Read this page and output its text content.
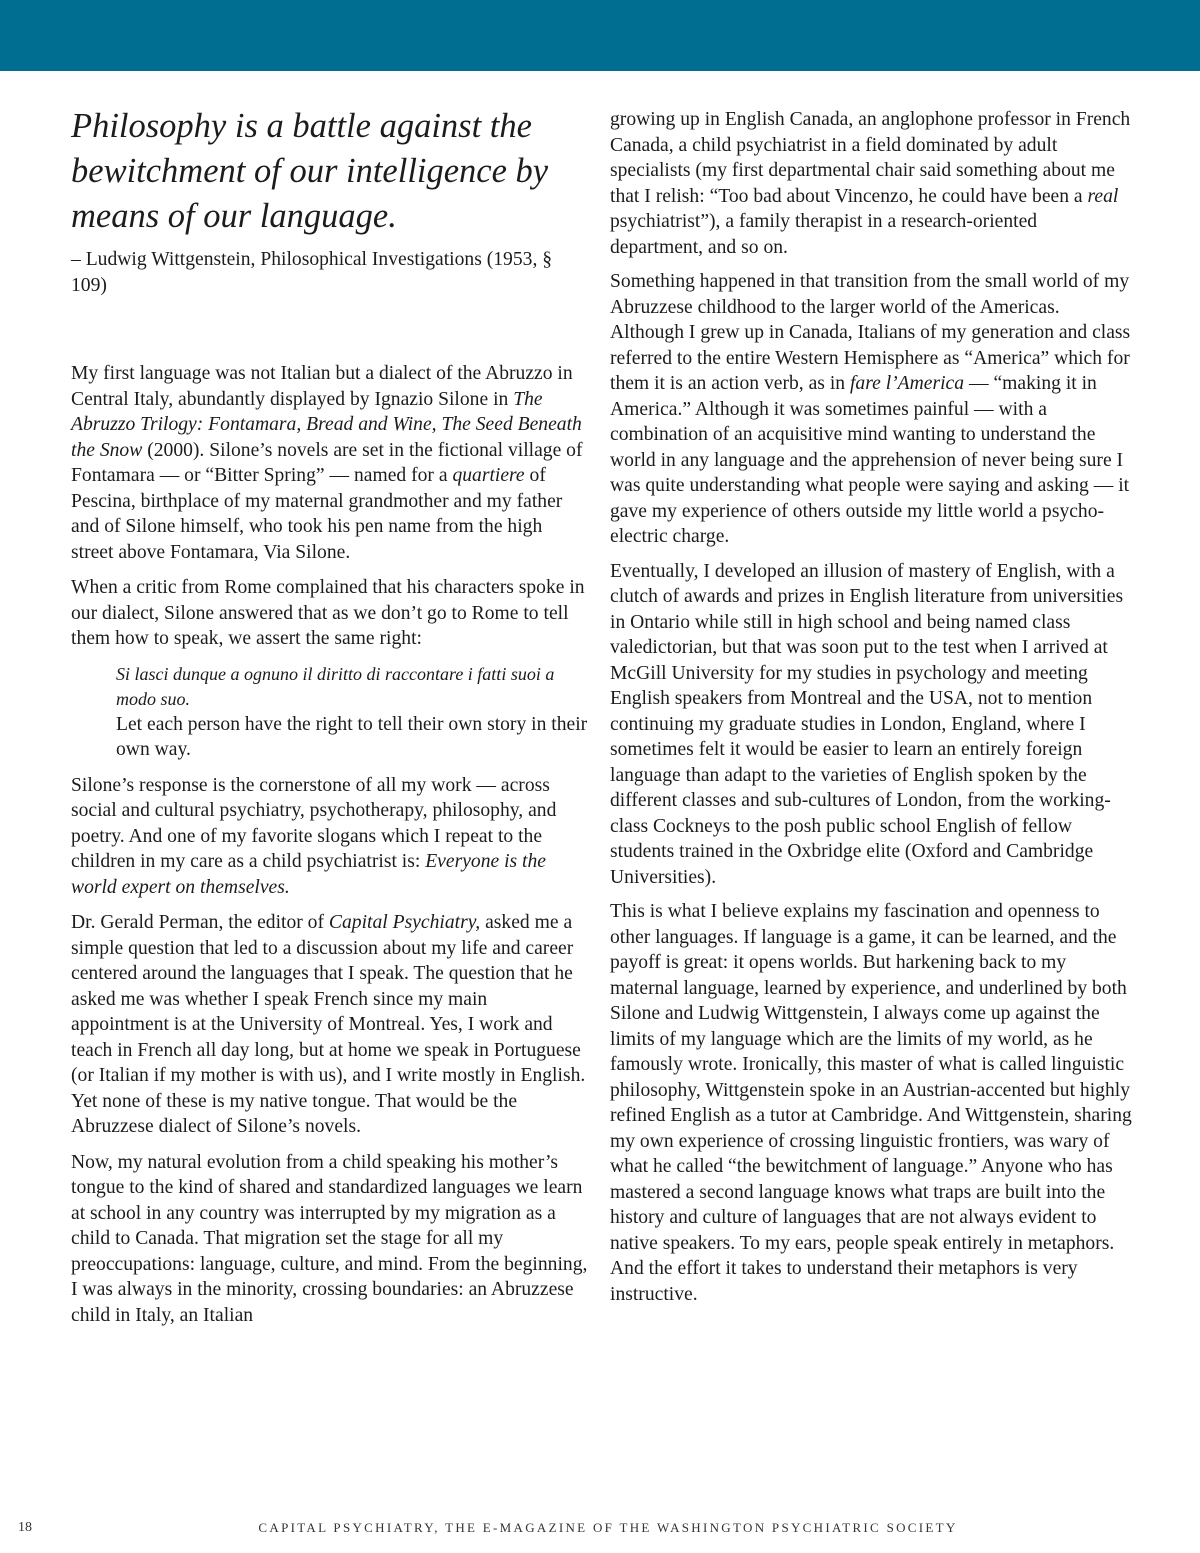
Philosophy is a battle against the bewitchment of our intelligence by means of our language.

– Ludwig Wittgenstein, Philosophical Investigations (1953, § 109)

My first language was not Italian but a dialect of the Abruzzo in Central Italy, abundantly displayed by Ignazio Silone in The Abruzzo Trilogy: Fontamara, Bread and Wine, The Seed Beneath the Snow (2000). Silone’s novels are set in the fictional village of Fontamara — or “Bitter Spring” — named for a quartiere of Pescina, birthplace of my maternal grandmother and my father and of Silone himself, who took his pen name from the high street above Fontamara, Via Silone.

When a critic from Rome complained that his characters spoke in our dialect, Silone answered that as we don’t go to Rome to tell them how to speak, we assert the same right:

Si lasci dunque a ognuno il diritto di raccontare i fatti suoi a modo suo.

Let each person have the right to tell their own story in their own way.

Silone’s response is the cornerstone of all my work — across social and cultural psychiatry, psychotherapy, philosophy, and poetry. And one of my favorite slogans which I repeat to the children in my care as a child psychiatrist is: Everyone is the world expert on themselves.

Dr. Gerald Perman, the editor of Capital Psychiatry, asked me a simple question that led to a discussion about my life and career centered around the languages that I speak. The question that he asked me was whether I speak French since my main appointment is at the University of Montreal. Yes, I work and teach in French all day long, but at home we speak in Portuguese (or Italian if my mother is with us), and I write mostly in English. Yet none of these is my native tongue. That would be the Abruzzese dialect of Silone’s novels.

Now, my natural evolution from a child speaking his mother’s tongue to the kind of shared and standardized languages we learn at school in any country was interrupted by my migration as a child to Canada. That migration set the stage for all my preoccupations: language, culture, and mind. From the beginning, I was always in the minority, crossing boundaries: an Abruzzese child in Italy, an Italian

growing up in English Canada, an anglophone professor in French Canada, a child psychiatrist in a field dominated by adult specialists (my first departmental chair said something about me that I relish: “Too bad about Vincenzo, he could have been a real psychiatrist”), a family therapist in a research-oriented department, and so on.

Something happened in that transition from the small world of my Abruzzese childhood to the larger world of the Americas. Although I grew up in Canada, Italians of my generation and class referred to the entire Western Hemisphere as “America” which for them it is an action verb, as in fare l’America — “making it in America.” Although it was sometimes painful — with a combination of an acquisitive mind wanting to understand the world in any language and the apprehension of never being sure I was quite understanding what people were saying and asking — it gave my experience of others outside my little world a psycho-electric charge.

Eventually, I developed an illusion of mastery of English, with a clutch of awards and prizes in English literature from universities in Ontario while still in high school and being named class valedictorian, but that was soon put to the test when I arrived at McGill University for my studies in psychology and meeting English speakers from Montreal and the USA, not to mention continuing my graduate studies in London, England, where I sometimes felt it would be easier to learn an entirely foreign language than adapt to the varieties of English spoken by the different classes and sub-cultures of London, from the working-class Cockneys to the posh public school English of fellow students trained in the Oxbridge elite (Oxford and Cambridge Universities).

This is what I believe explains my fascination and openness to other languages. If language is a game, it can be learned, and the payoff is great: it opens worlds. But harkening back to my maternal language, learned by experience, and underlined by both Silone and Ludwig Wittgenstein, I always come up against the limits of my language which are the limits of my world, as he famously wrote. Ironically, this master of what is called linguistic philosophy, Wittgenstein spoke in an Austrian-accented but highly refined English as a tutor at Cambridge. And Wittgenstein, sharing my own experience of crossing linguistic frontiers, was wary of what he called “the bewitchment of language.” Anyone who has mastered a second language knows what traps are built into the history and culture of languages that are not always evident to native speakers. To my ears, people speak entirely in metaphors. And the effort it takes to understand their metaphors is very instructive.

18	CAPITAL PSYCHIATRY, THE E-MAGAZINE OF THE WASHINGTON PSYCHIATRIC SOCIETY
